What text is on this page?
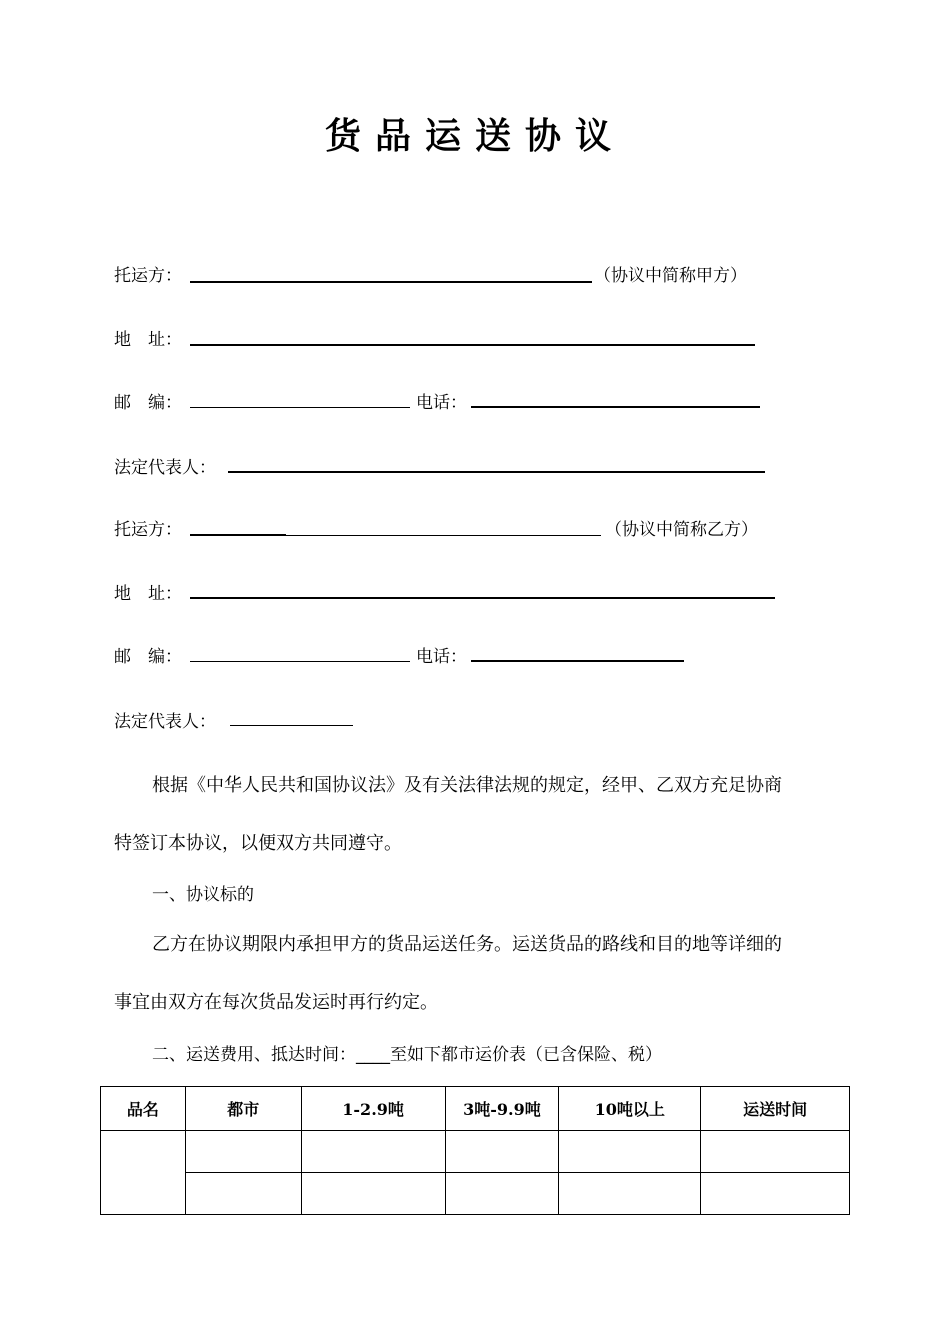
货品运送协议
托运方：	（协议中简称甲方）
地　址：
邮　编：	电话：
法定代表人：
托运方：	（协议中简称乙方）
地　址：
邮　编：	电话：
法定代表人：
根据《中华人民共和国协议法》及有关法律法规的规定，经甲、乙双方充足协商
特签订本协议，以便双方共同遵守。
一、协议标的
乙方在协议期限内承担甲方的货品运送任务。运送货品的路线和目的地等详细的
事宜由双方在每次货品发运时再行约定。
二、运送费用、抵达时间：____至如下都市运价表（已含保险、税）
品名	都市	1-2.9吨	3吨-9.9吨	10吨以上	运送时间
